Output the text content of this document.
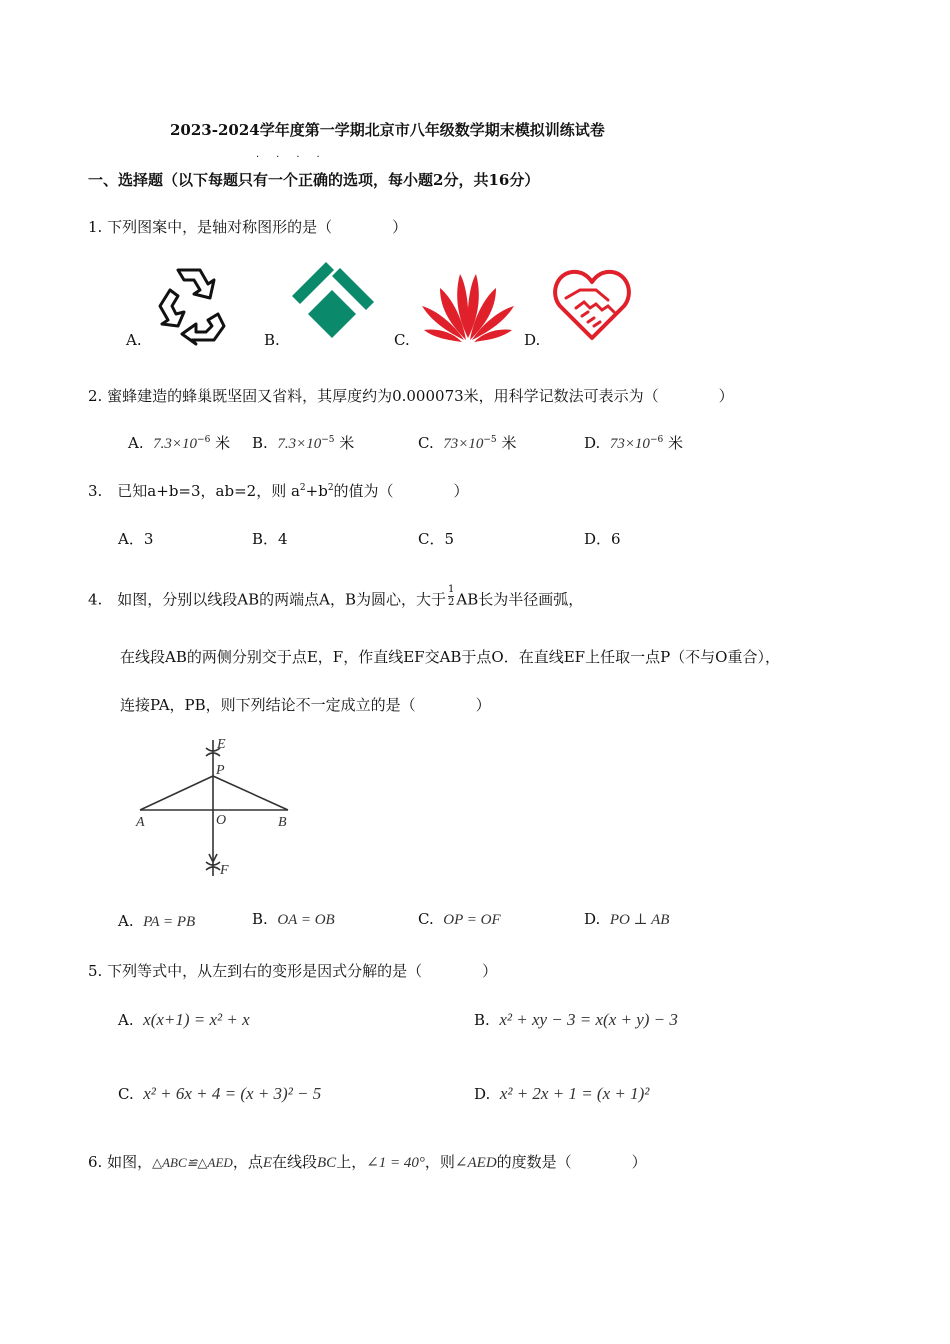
2023-2024学年度第一学期北京市八年级数学期末模拟训练试卷
一、选择题（以下每题只有一个正确的选项，每小题2分，共16分）
····
1. 下列图案中，是轴对称图形的是（　　　　）
A.	B.	C.	D.
2. 蜜蜂建造的蜂巢既坚固又省料，其厚度约为0.000073米，用科学记数法可表示为（　　　　）
A. $7.3\times 10^{-6}$ 米 B. $7.3\times 10^{-5}$ 米	C. $73\times 10^{-5}$ 米	D. $73\times 10^{-6}$ 米
3.　已知a+b=3，ab=2，则 $a^2+b^2$的值为（　　　　）
A．3	B．4	C．5	D．6
4.　如图，分别以线段AB的两端点A，B为圆心，大于 $\frac{1}{2}$ AB长为半径画弧，
在线段AB的两侧分别交于点E，F，作直线EF交AB于点O．在直线EF上任取一点P（不与O重合），
连接PA，PB，则下列结论不一定成立的是（　　　　）
E
P
A	O	B
F
A. PA = PB	B. OA = OB	C. OP = OF	D. PO ⊥ AB
5. 下列等式中，从左到右的变形是因式分解的是（　　　　）
A. x(x+1) = x² + x	B. x² + xy − 3 = x(x + y) − 3
C. x² + 6x + 4 = (x + 3)² − 5	D. x² + 2x + 1 = (x + 1)²
6. 如图，△ABC≌△AED，点E在线段BC上，∠1 = 40°，则∠AED的度数是（　　　　）
